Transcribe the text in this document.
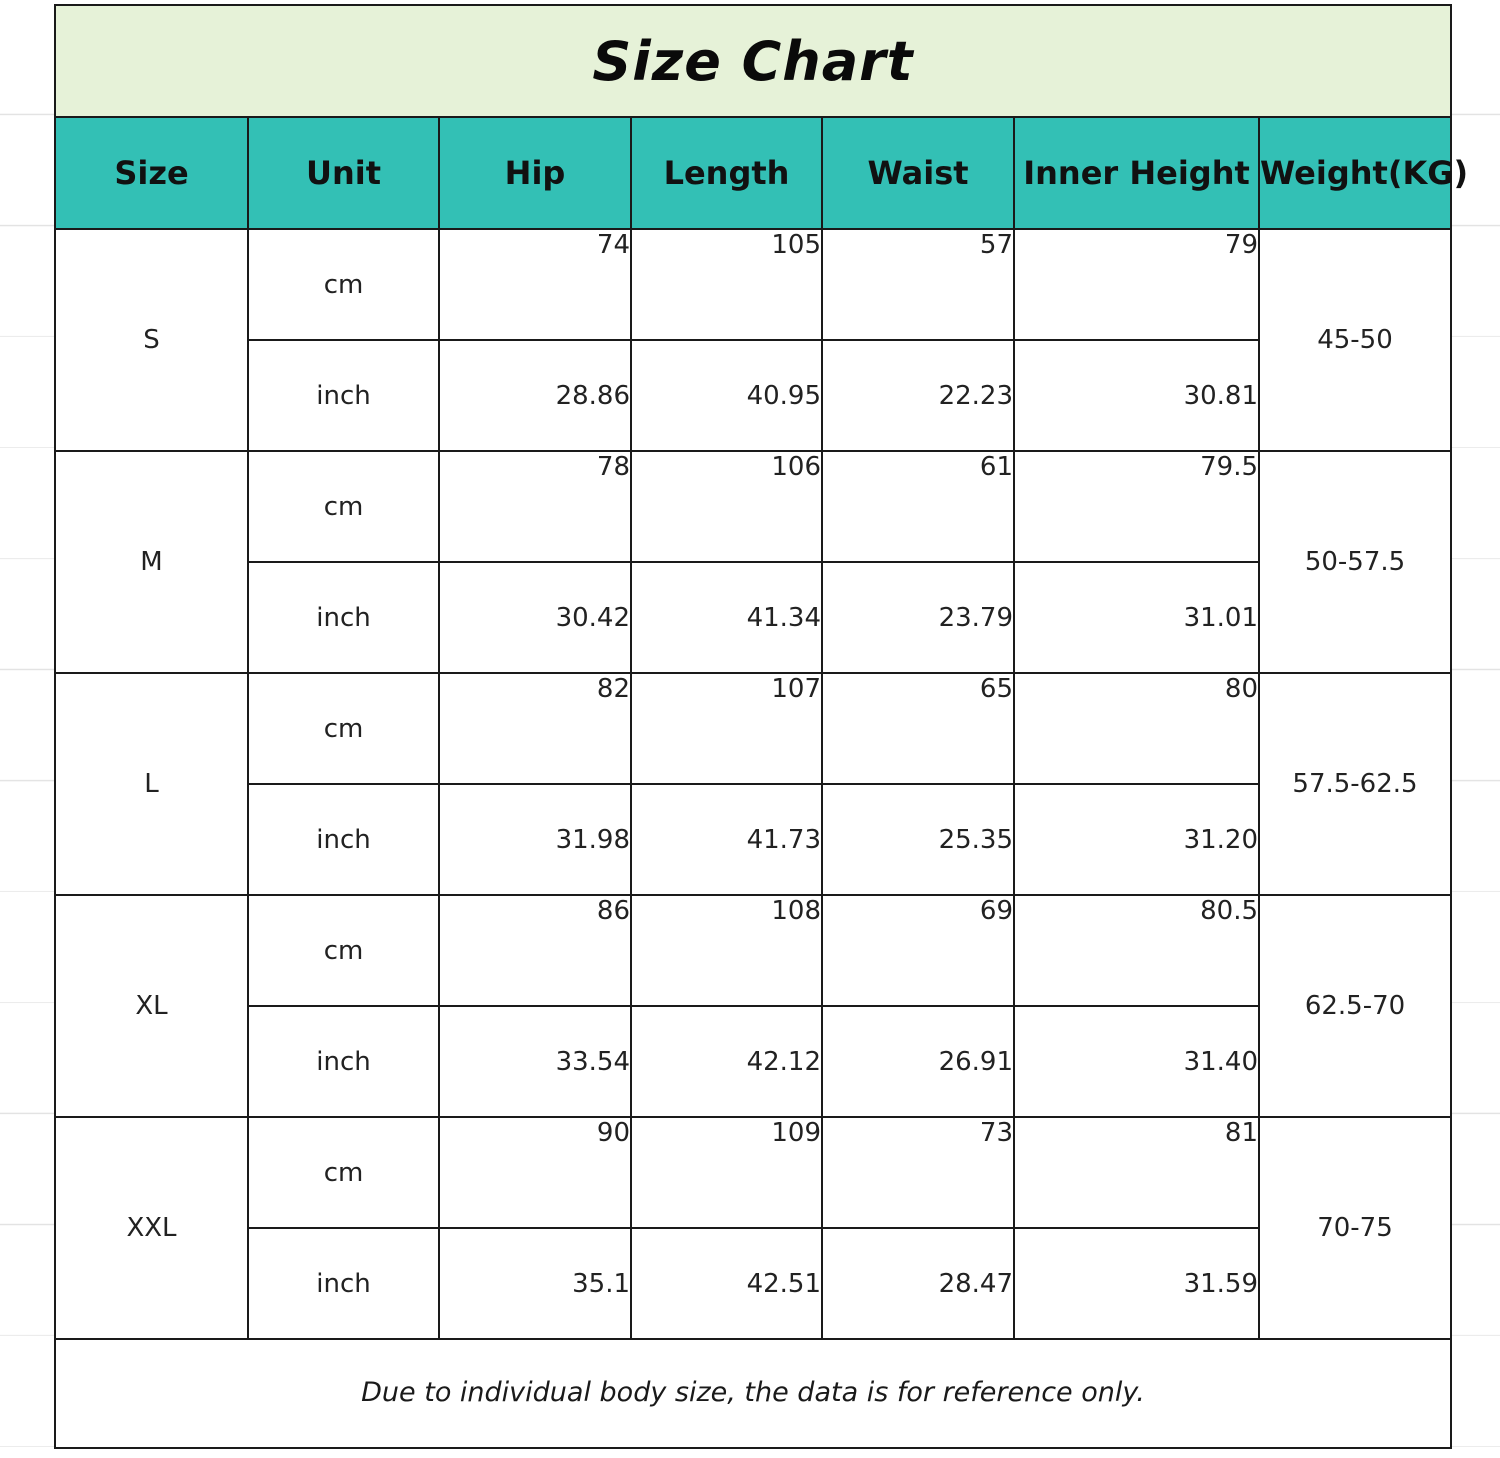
Size Chart
Size	Unit	Hip	Length	Waist	Inner Height	Weight(KG)
S	cm	74	105	57	79	45-50
	inch	28.86	40.95	22.23	30.81	
M	cm	78	106	61	79.5	50-57.5
	inch	30.42	41.34	23.79	31.01	
L	cm	82	107	65	80	57.5-62.5
	inch	31.98	41.73	25.35	31.20	
XL	cm	86	108	69	80.5	62.5-70
	inch	33.54	42.12	26.91	31.40	
XXL	cm	90	109	73	81	70-75
	inch	35.1	42.51	28.47	31.59	
Due to individual body size, the data is for reference only.
